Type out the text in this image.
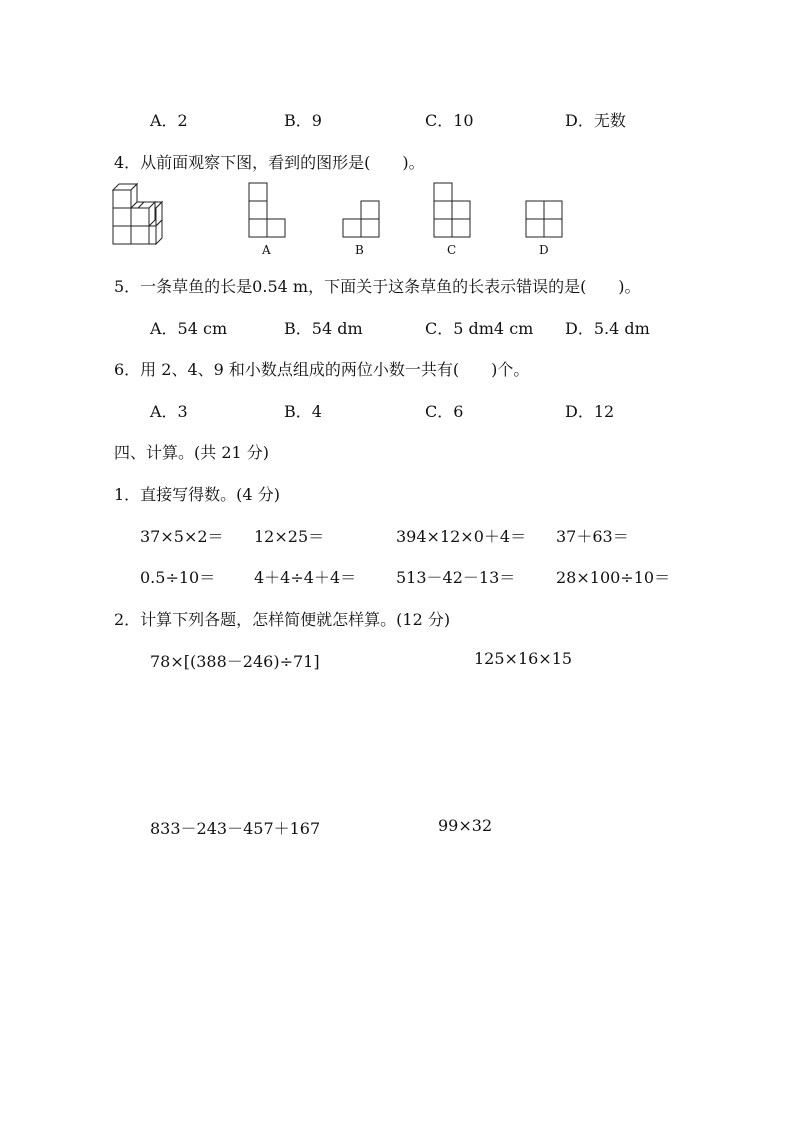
A．2	B．9	C．10	D．无数
4．从前面观察下图，看到的图形是(　　)。
A	B	C	D
5．一条草鱼的长是0.54 m，下面关于这条草鱼的长表示错误的是(　　)。
A．54 cm	B．54 dm	C．5 dm4 cm D．5.4 dm
6．用 2、4、9 和小数点组成的两位小数一共有(　　)个。
A．3	B．4	C．6	D．12
四、计算。(共 21 分)
1．直接写得数。(4 分)
37×5×2＝ 12×25＝	394×12×0＋4＝ 37＋63＝
0.5÷10＝ 4＋4÷4＋4＝ 513－42－13＝	28×100÷10＝
2．计算下列各题，怎样简便就怎样算。(12 分)
78×[(388－246)÷71]	125×16×15
833－243－457＋167	99×32
